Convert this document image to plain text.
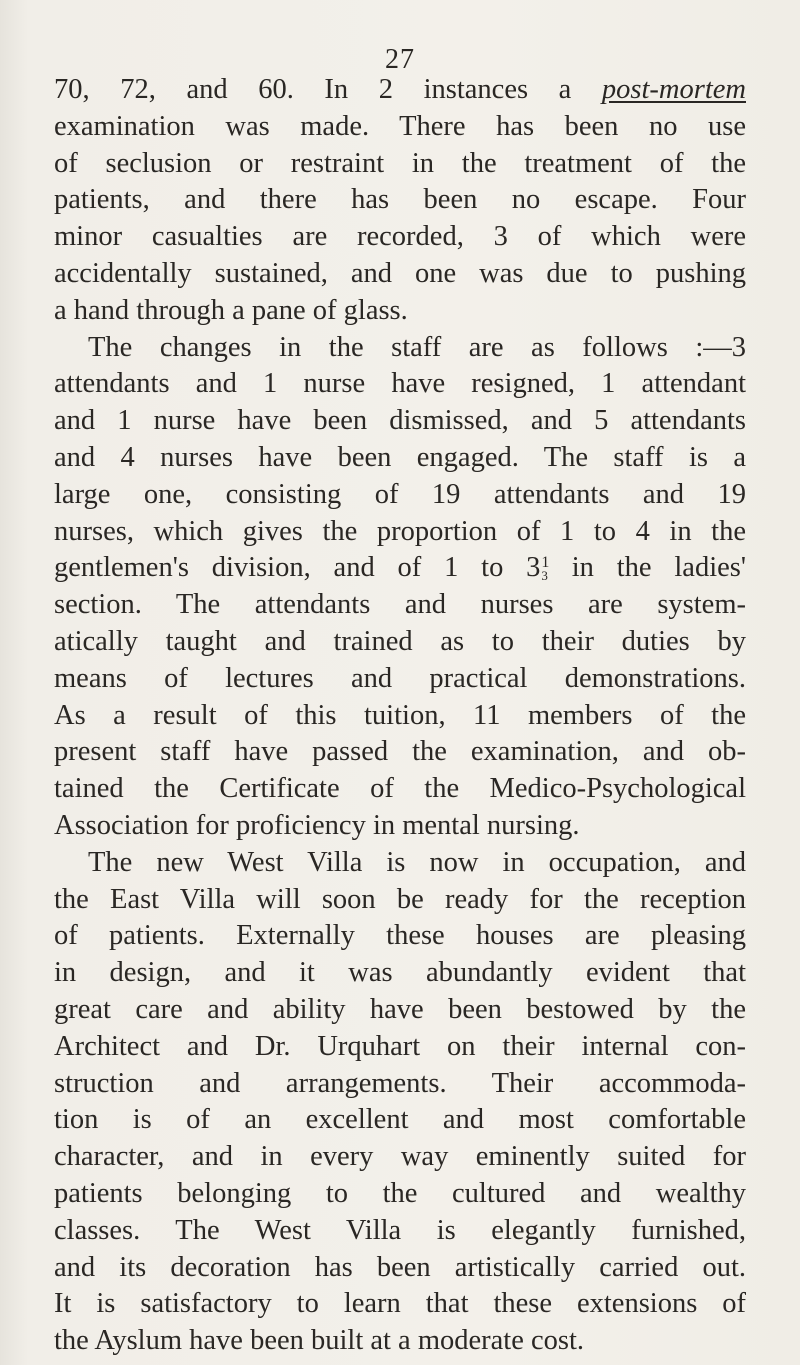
27
70, 72, and 60. In 2 instances a post-mortem
examination was made. There has been no use
of seclusion or restraint in the treatment of the
patients, and there has been no escape. Four
minor casualties are recorded, 3 of which were
accidentally sustained, and one was due to pushing
a hand through a pane of glass.
The changes in the staff are as follows :—3
attendants and 1 nurse have resigned, 1 attendant
and 1 nurse have been dismissed, and 5 attendants
and 4 nurses have been engaged. The staff is a
large one, consisting of 19 attendants and 19
nurses, which gives the proportion of 1 to 4 in the
gentlemen's division, and of 1 to $3^13$ in the ladies'
section. The attendants and nurses are system-
atically taught and trained as to their duties by
means of lectures and practical demonstrations.
As a result of this tuition, 11 members of the
present staff have passed the examination, and ob-
tained the Certificate of the Medico-Psychological
Association for proficiency in mental nursing.
The new West Villa is now in occupation, and
the East Villa will soon be ready for the reception
of patients. Externally these houses are pleasing
in design, and it was abundantly evident that
great care and ability have been bestowed by the
Architect and Dr. Urquhart on their internal con-
struction and arrangements. Their accommoda-
tion is of an excellent and most comfortable
character, and in every way eminently suited for
patients belonging to the cultured and wealthy
classes. The West Villa is elegantly furnished,
and its decoration has been artistically carried out.
It is satisfactory to learn that these extensions of
the Ayslum have been built at a moderate cost.
